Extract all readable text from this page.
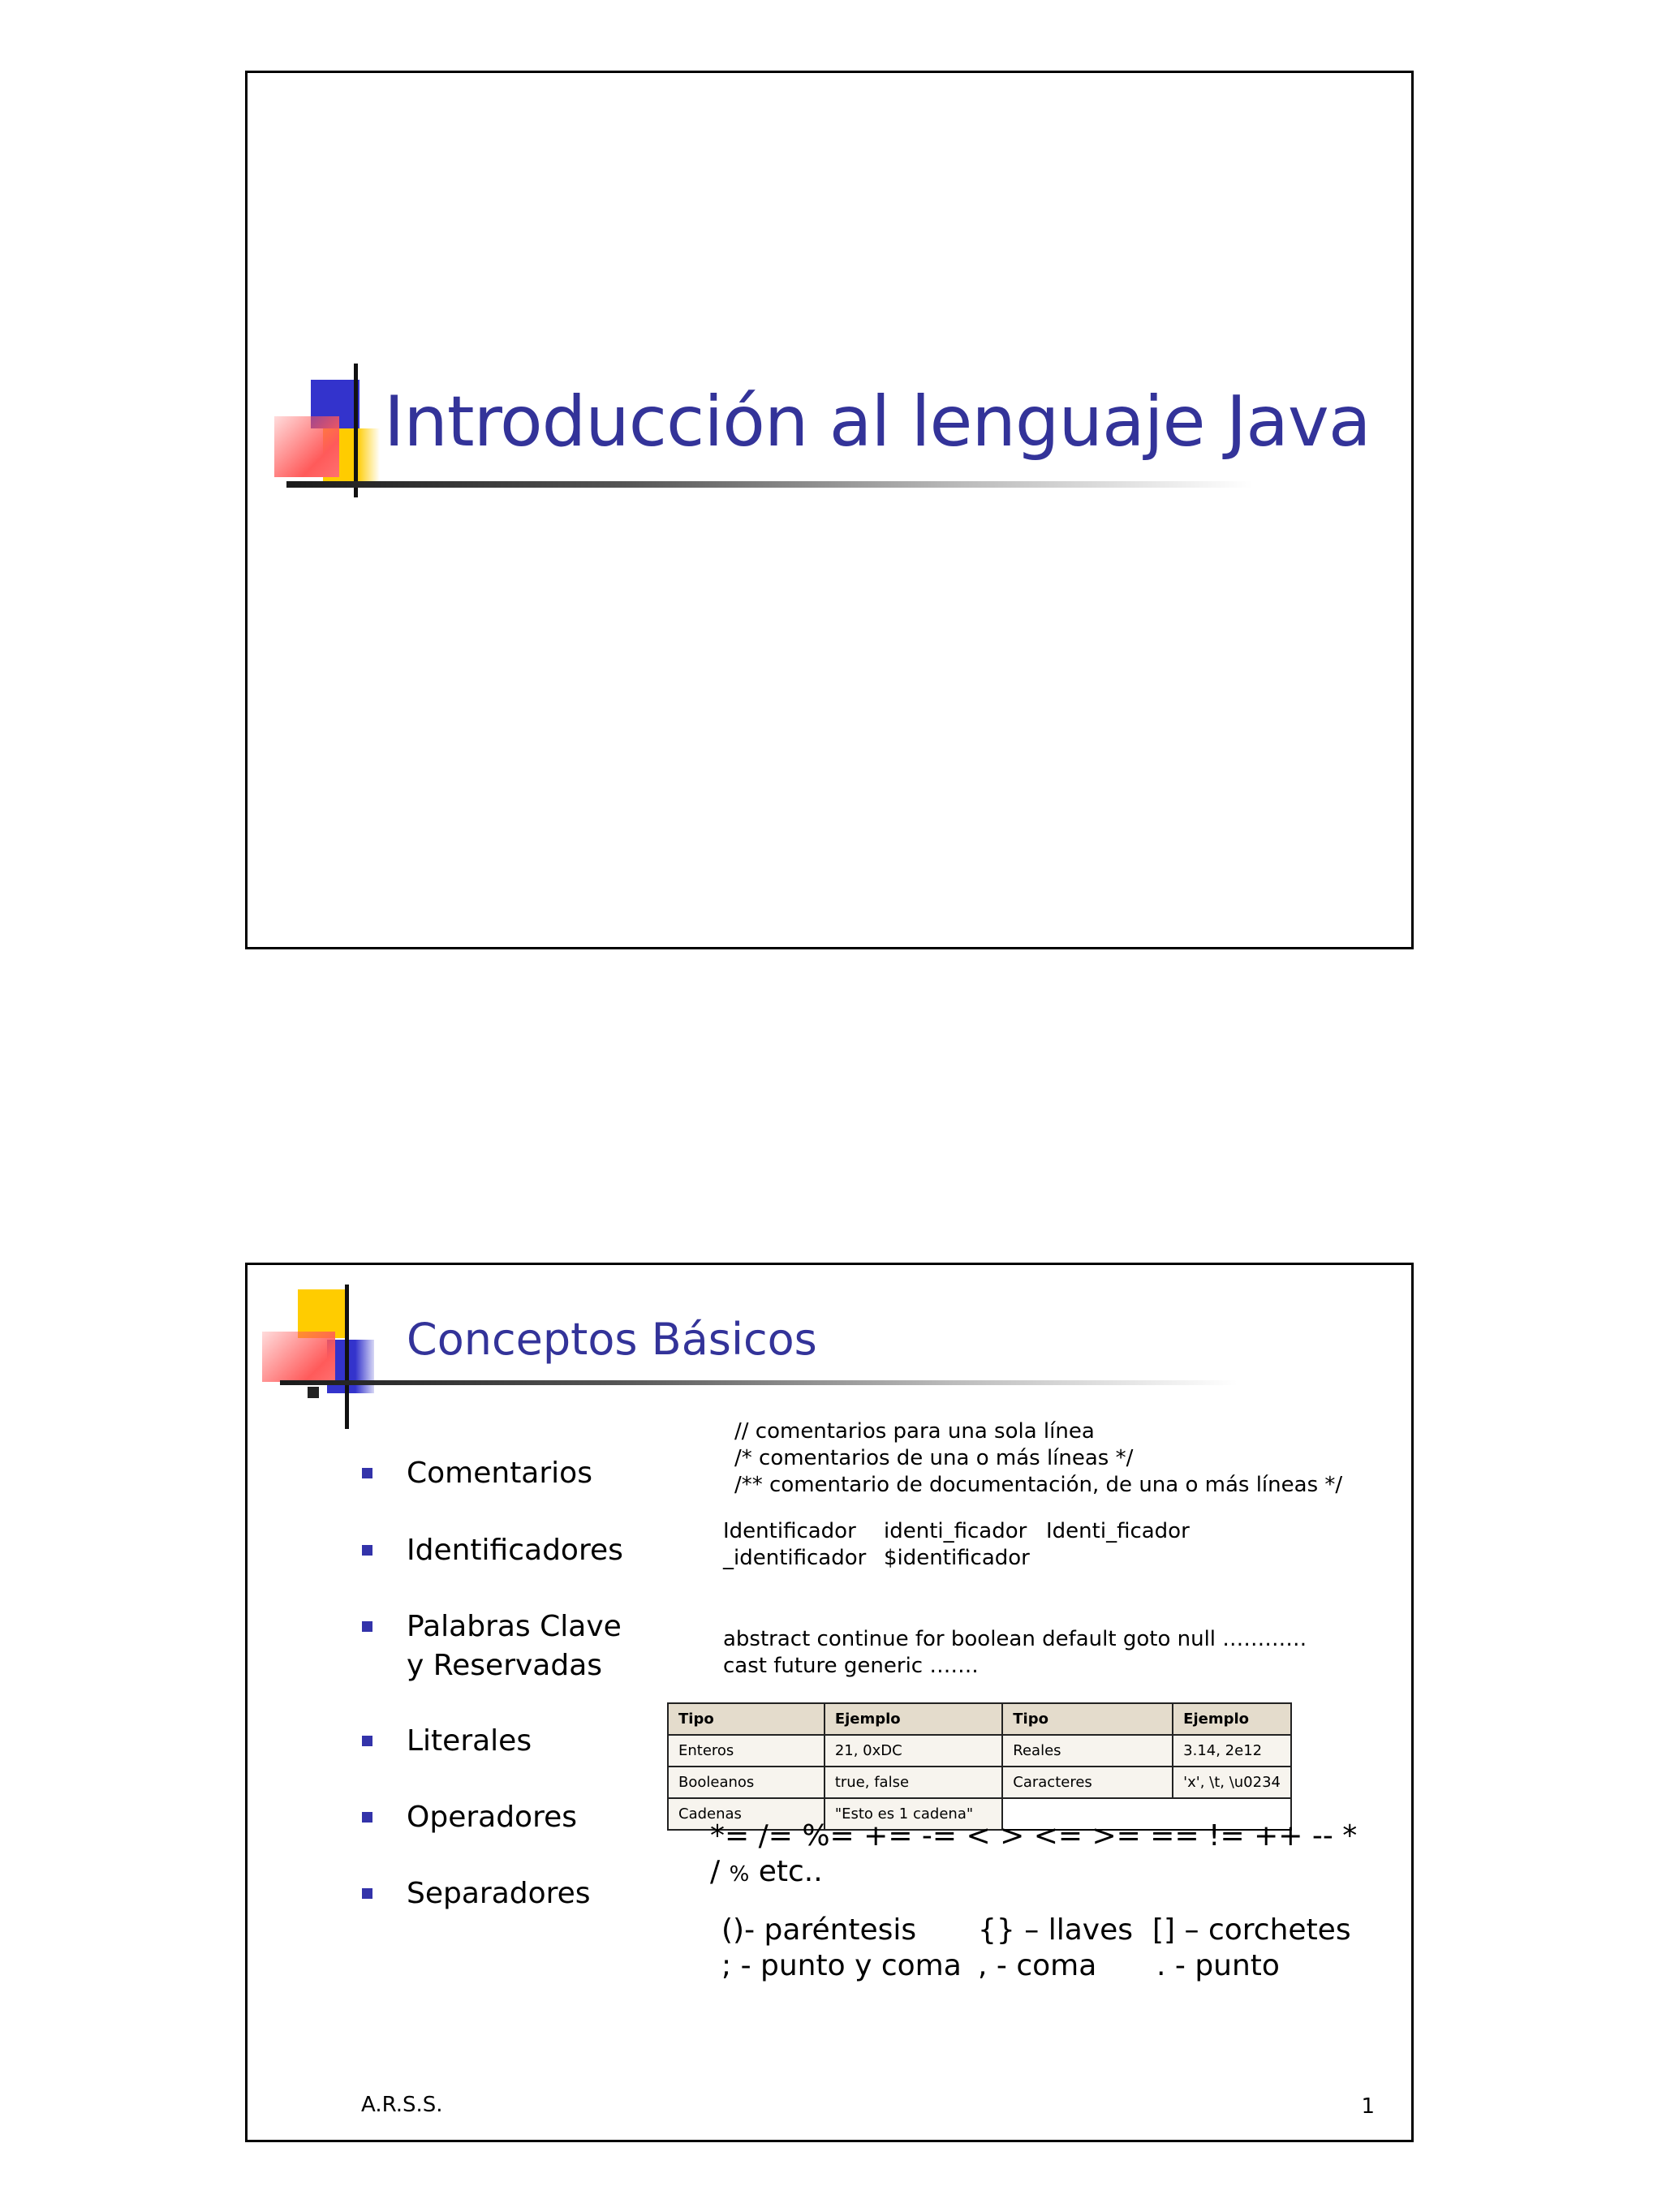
Introducción al lenguaje Java
Conceptos Básicos
Comentarios
Identificadores
Palabras Clave
y Reservadas
Literales
Operadores
Separadores
// comentarios para una sola línea
/* comentarios de una o más líneas */
/** comentario de documentación, de una o más líneas */
Identificador identi_ficador Identi_ficador
_identificador $identificador
abstract continue for boolean default goto null …………
cast future generic …….
Tipo	Ejemplo	Tipo	Ejemplo
Enteros	21, 0xDC	Reales	3.14, 2e12
Booleanos	true, false	Caracteres	'x', \t, \u0234
Cadenas	"Esto es 1 cadena"		
*= /= %= += -= < > <= >= == != ++ -- *
/ % etc..
()- paréntesis {} – llaves [] – corchetes
; - punto y coma , - coma . - punto
A.R.S.S.	1
